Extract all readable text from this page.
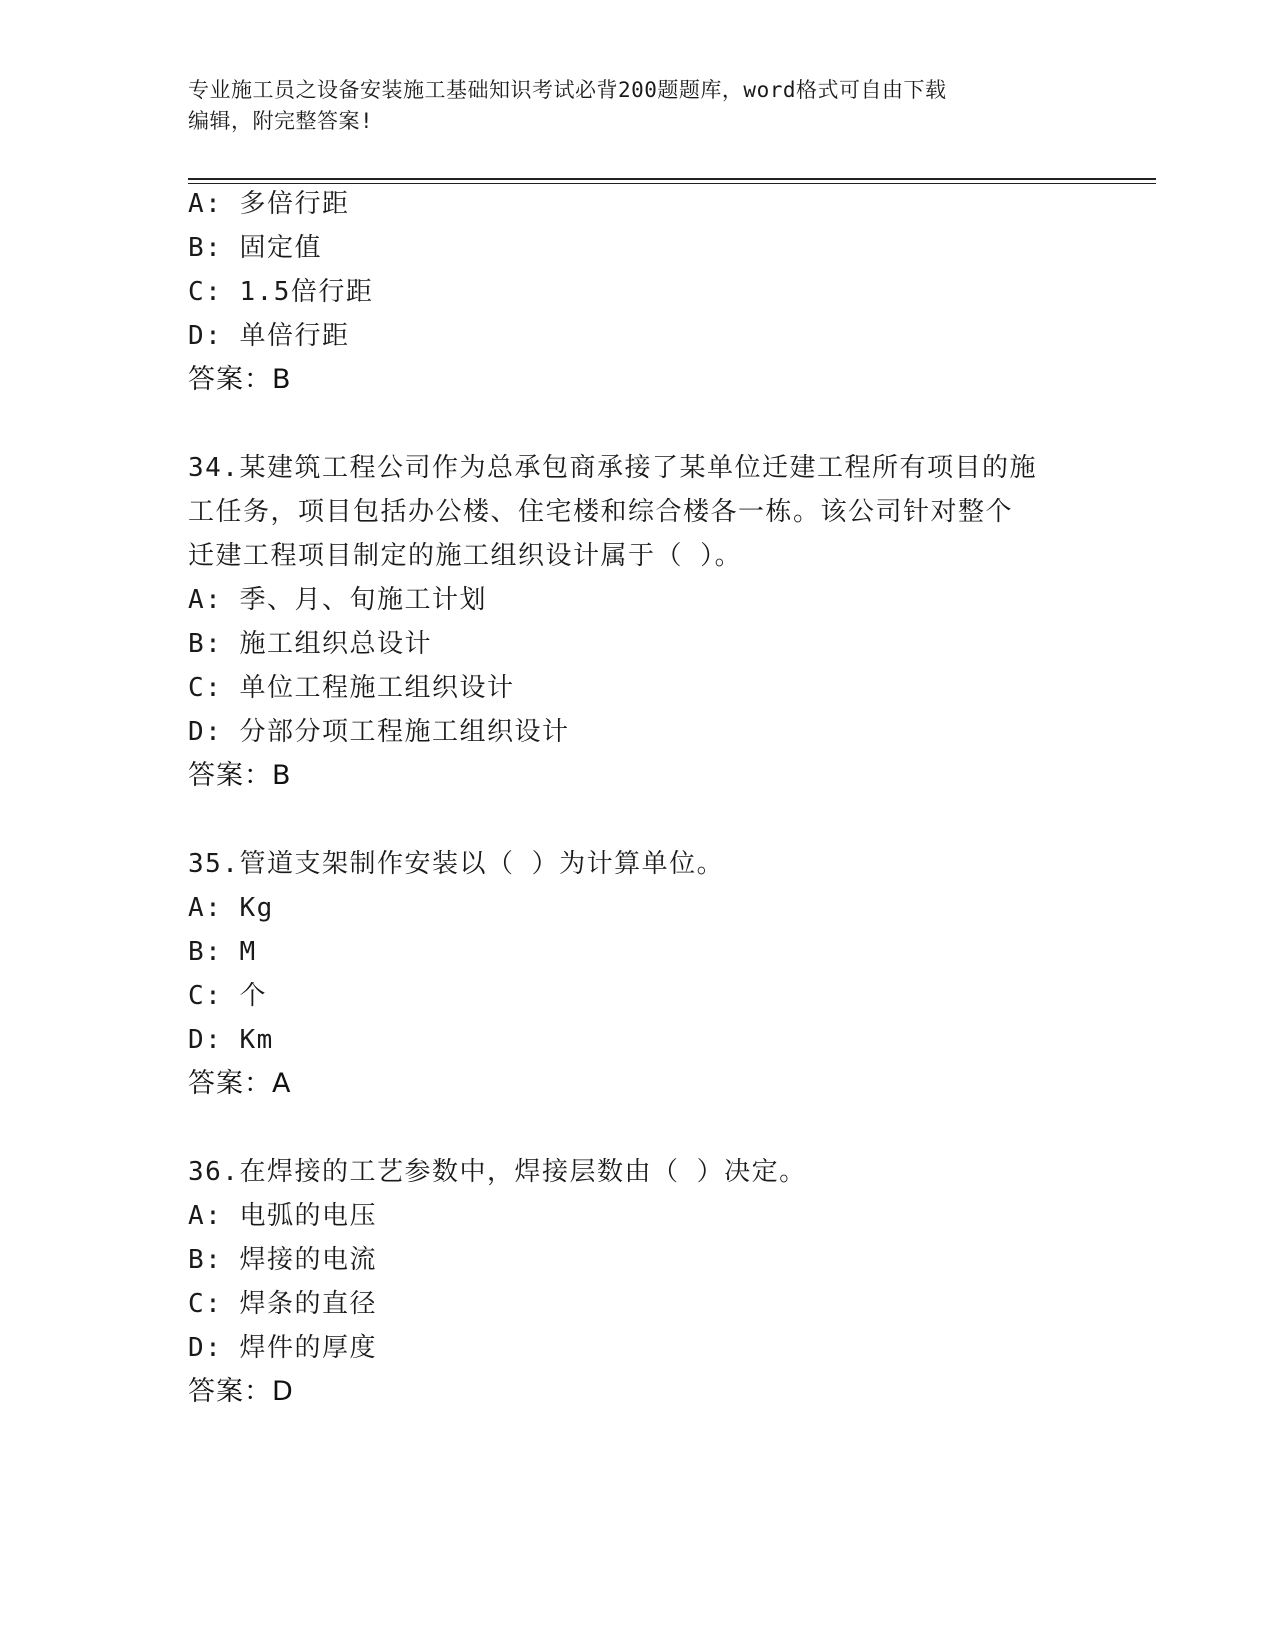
专业施工员之设备安装施工基础知识考试必背200题题库，word格式可自由下载
编辑，附完整答案!
A: 多倍行距
B: 固定值
C: 1.5倍行距
D: 单倍行距
答案：B
34.某建筑工程公司作为总承包商承接了某单位迁建工程所有项目的施
工任务，项目包括办公楼、住宅楼和综合楼各一栋。该公司针对整个
迁建工程项目制定的施工组织设计属于（ ）。
A: 季、月、旬施工计划
B: 施工组织总设计
C: 单位工程施工组织设计
D: 分部分项工程施工组织设计
答案：B
35.管道支架制作安装以（ ）为计算单位。
A: Kg
B: M
C: 个
D: Km
答案：A
36.在焊接的工艺参数中，焊接层数由（ ）决定。
A: 电弧的电压
B: 焊接的电流
C: 焊条的直径
D: 焊件的厚度
答案：D
